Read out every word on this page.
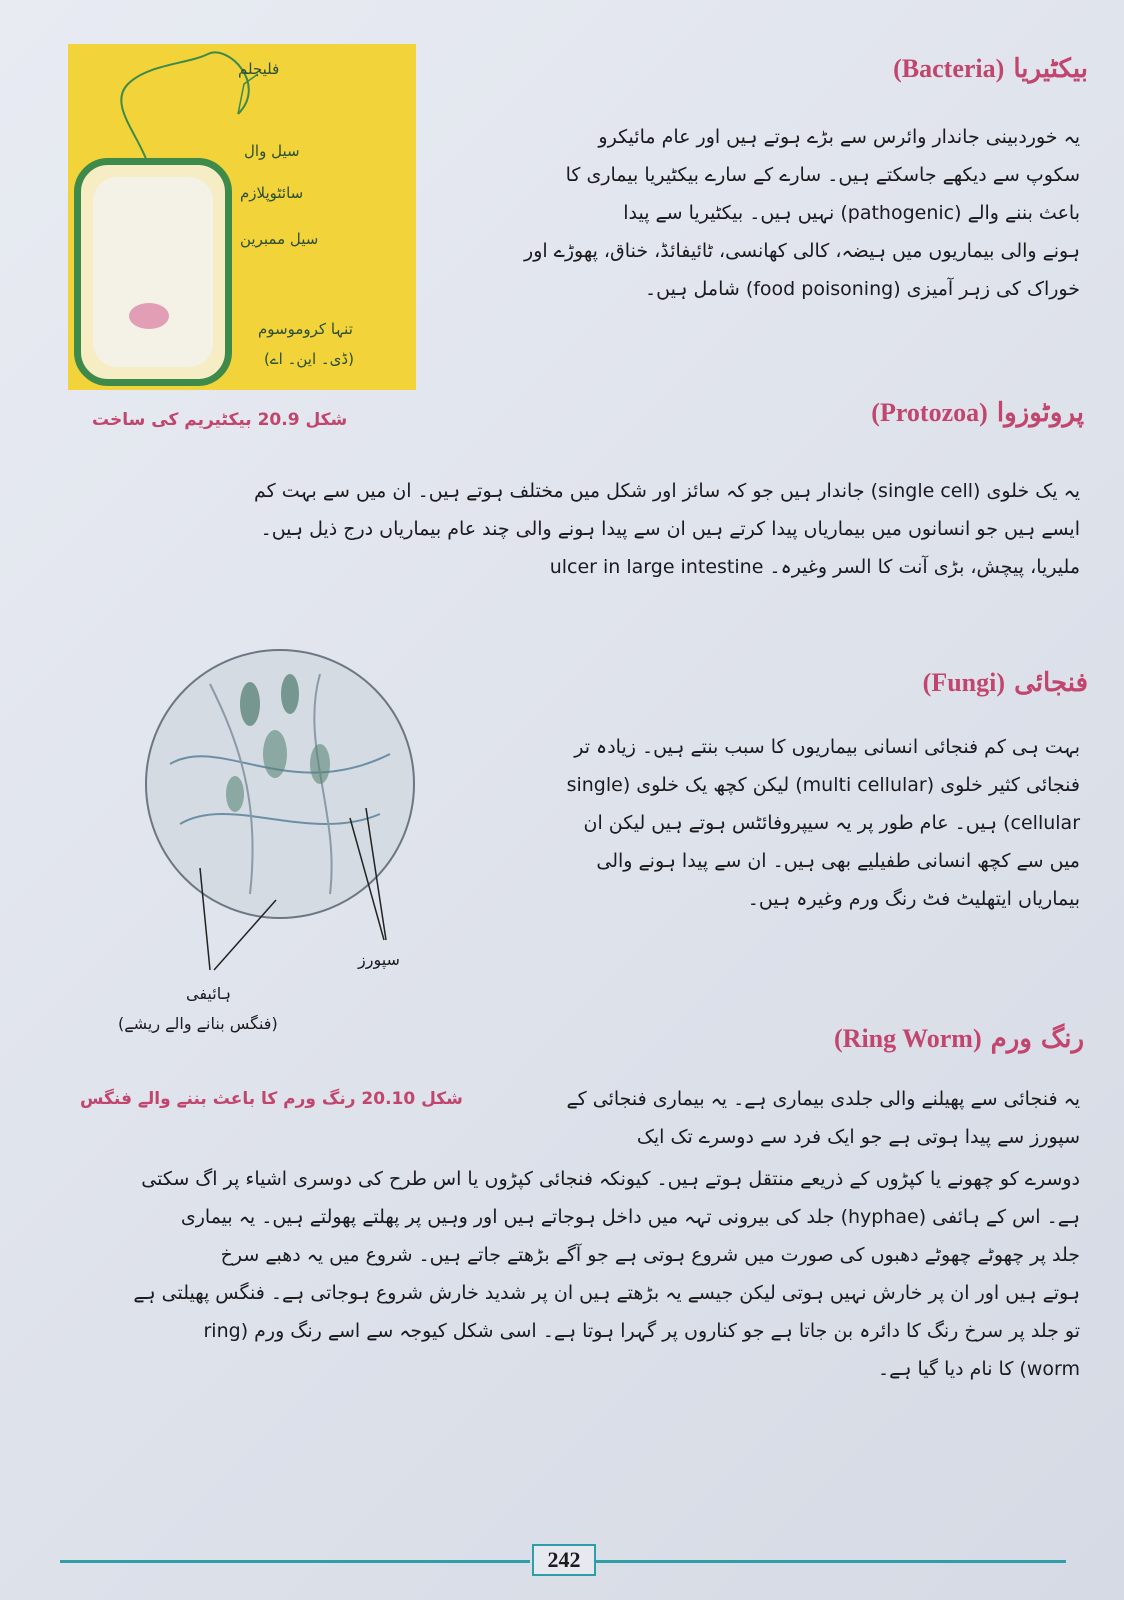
فلیجلم
سیل وال
سائٹوپلازم
سیل ممبرین
تنہا کروموسوم
(ڈی۔ این۔ اے)
شکل 20.9 بیکٹیریم کی ساخت
بیکٹیریا (Bacteria)
یہ خوردبینی جاندار وائرس سے بڑے ہوتے ہیں اور عام مائیکرو
سکوپ سے دیکھے جاسکتے ہیں۔ سارے کے سارے بیکٹیریا بیماری کا
باعث بننے والے (pathogenic) نہیں ہیں۔ بیکٹیریا سے پیدا
ہونے والی بیماریوں میں ہیضہ، کالی کھانسی، ٹائیفائڈ، خناق، پھوڑے اور
خوراک کی زہر آمیزی (food poisoning) شامل ہیں۔
پروٹوزوا (Protozoa)
یہ یک خلوی (single cell) جاندار ہیں جو کہ سائز اور شکل میں مختلف ہوتے ہیں۔ ان میں سے بہت کم
ایسے ہیں جو انسانوں میں بیماریاں پیدا کرتے ہیں ان سے پیدا ہونے والی چند عام بیماریاں درج ذیل ہیں۔
ملیریا، پیچش، بڑی آنت کا السر وغیرہ۔ ulcer in large intestine
سپورز
ہائیفی
(فنگس بنانے والے ریشے)
شکل 20.10 رنگ ورم کا باعث بننے والے فنگس
فنجائی (Fungi)
بہت ہی کم فنجائی انسانی بیماریوں کا سبب بنتے ہیں۔ زیادہ تر
فنجائی کثیر خلوی (multi cellular) لیکن کچھ یک خلوی (single
cellular) ہیں۔ عام طور پر یہ سیپروفائٹس ہوتے ہیں لیکن ان
میں سے کچھ انسانی طفیلیے بھی ہیں۔ ان سے پیدا ہونے والی
بیماریاں ایتھلیٹ فٹ رنگ ورم وغیرہ ہیں۔
رنگ ورم (Ring Worm)
یہ فنجائی سے پھیلنے والی جلدی بیماری ہے۔ یہ بیماری فنجائی کے
سپورز سے پیدا ہوتی ہے جو ایک فرد سے دوسرے تک ایک
دوسرے کو چھونے یا کپڑوں کے ذریعے منتقل ہوتے ہیں۔ کیونکہ فنجائی کپڑوں یا اس طرح کی دوسری اشیاء پر اگ سکتی
ہے۔ اس کے ہائفی (hyphae) جلد کی بیرونی تہہ میں داخل ہوجاتے ہیں اور وہیں پر پھلتے پھولتے ہیں۔ یہ بیماری
جلد پر چھوٹے چھوٹے دھبوں کی صورت میں شروع ہوتی ہے جو آگے بڑھتے جاتے ہیں۔ شروع میں یہ دھبے سرخ
ہوتے ہیں اور ان پر خارش نہیں ہوتی لیکن جیسے یہ بڑھتے ہیں ان پر شدید خارش شروع ہوجاتی ہے۔ فنگس پھیلتی ہے
تو جلد پر سرخ رنگ کا دائرہ بن جاتا ہے جو کناروں پر گہرا ہوتا ہے۔ اسی شکل کیوجہ سے اسے رنگ ورم (ring
worm) کا نام دیا گیا ہے۔
242
